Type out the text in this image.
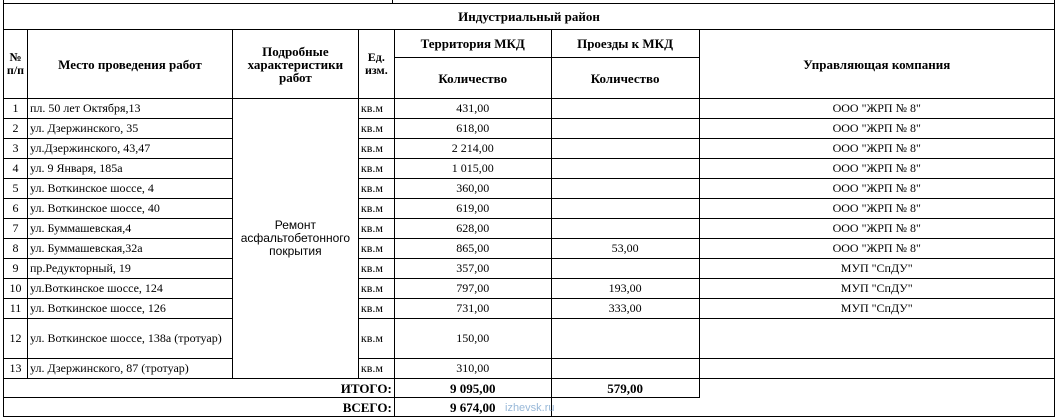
Индустриальный район						
№ п/п	Место проведения работ	Подробные характеристики работ	Ед. изм.	Территория МКД	Проезды к МКД	Управляющая компания
				Количество	Количество	
1	пл. 50 лет Октября,13	Ремонт асфальтобетонного покрытия	кв.м	431,00		ООО "ЖРП № 8"
2	ул. Дзержинского, 35		кв.м	618,00		ООО "ЖРП № 8"
3	ул.Дзержинского, 43,47		кв.м	2 214,00		ООО "ЖРП № 8"
4	ул. 9 Января, 185а		кв.м	1 015,00		ООО "ЖРП № 8"
5	ул. Воткинское шоссе, 4		кв.м	360,00		ООО "ЖРП № 8"
6	ул. Воткинское шоссе, 40		кв.м	619,00		ООО "ЖРП № 8"
7	ул. Буммашевская,4		кв.м	628,00		ООО "ЖРП № 8"
8	ул. Буммашевская,32а		кв.м	865,00	53,00	ООО "ЖРП № 8"
9	пр.Редукторный, 19		кв.м	357,00		МУП "СпДУ"
10	ул.Воткинское шоссе, 124		кв.м	797,00	193,00	МУП "СпДУ"
11	ул. Воткинское шоссе, 126		кв.м	731,00	333,00	МУП "СпДУ"
12	ул. Воткинское шоссе, 138а (тротуар)		кв.м	150,00		
13	ул. Дзержинского, 87 (тротуар)		кв.м	310,00		
ИТОГО:				9 095,00	579,00	
ВСЕГО:				9 674,00		izhevsk.ru
